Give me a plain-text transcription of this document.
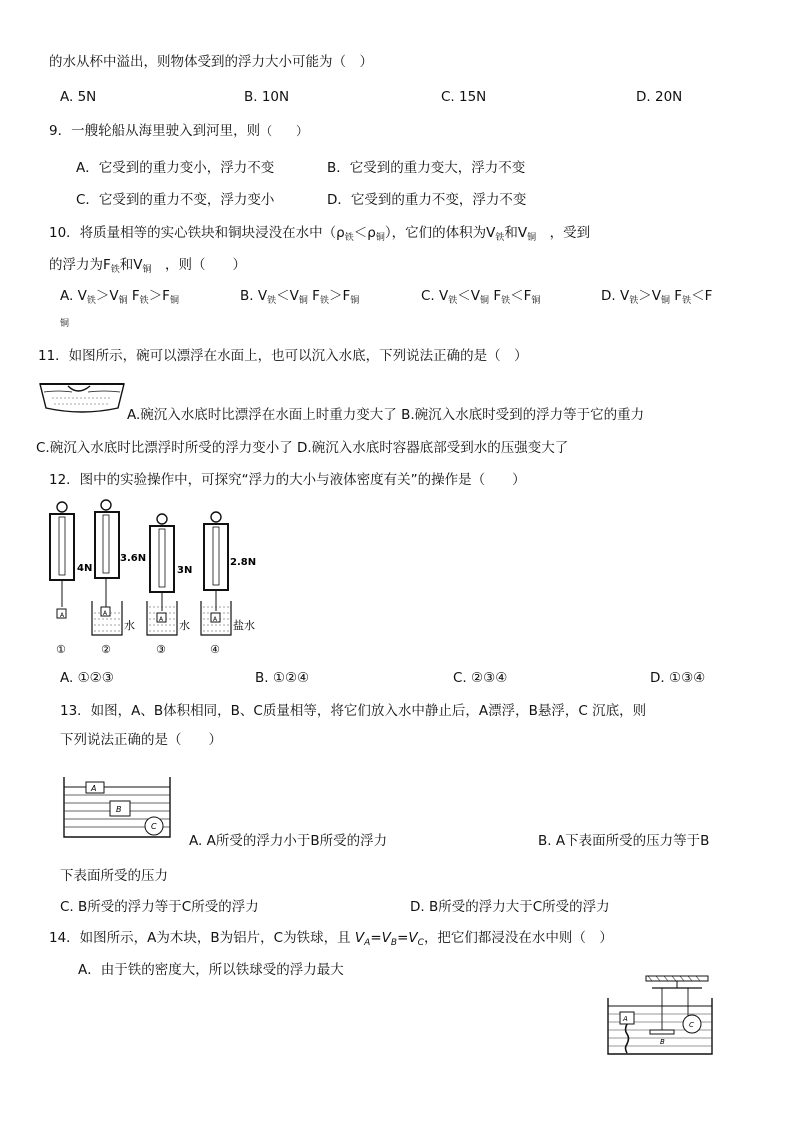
的水从杯中溢出，则物体受到的浮力大小可能为（　）
A. 5N	B. 10N	C. 15N	D. 20N
9．一艘轮船从海里驶入到河里，则（　　）
A．它受到的重力变小，浮力不变	B．它受到的重力变大，浮力不变
C．它受到的重力不变，浮力变小	D．它受到的重力不变，浮力不变
10．将质量相等的实心铁块和铜块浸没在水中$(\rho_铁<\rho_铜)$，它们的体积为$V_铁$和$V_铜$　 ，受到
的浮力为$F_铁$和$V_铜$　 ，则（　　）
A. $V_铁>V_铜$ $F_铁>F_铜$	B. $V_铁<V_铜$ $F_铁>F_铜$	C. $V_铁<V_铜$ $F_铁<F_铜$	D. $V_铁>V_铜$ $F_铁<F$
铜
11．如图所示，碗可以漂浮在水面上，也可以沉入水底，下列说法正确的是（　）
A.碗沉入水底时比漂浮在水面上时重力变大了 B.碗沉入水底时受到的浮力等于它的重力
C.碗沉入水底时比漂浮时所受的浮力变小了 D.碗沉入水底时容器底部受到水的压强变大了
12．图中的实验操作中，可探究“浮力的大小与液体密度有关”的操作是（　　）
A
4N
A
3.6N
水	A
3N
水	A
2.8N
盐水
①	②	③	④
A. ①②③	B. ①②④	C. ②③④	D. ①③④
13．如图，A、B体积相同，B、C质量相等，将它们放入水中静止后，A漂浮，B悬浮，C 沉底，则
下列说法正确的是（　　）
A
B
C
A. A所受的浮力小于B所受的浮力	B. A下表面所受的压力等于B
下表面所受的压力
C. B所受的浮力等于C所受的浮力	D. B所受的浮力大于C所受的浮力
14．如图所示，A为木块，B为铝片，C为铁球，且 $V_A=V_B=V_C$，把它们都浸没在水中则（　）
A．由于铁的密度大，所以铁球受的浮力最大
A
B
C
